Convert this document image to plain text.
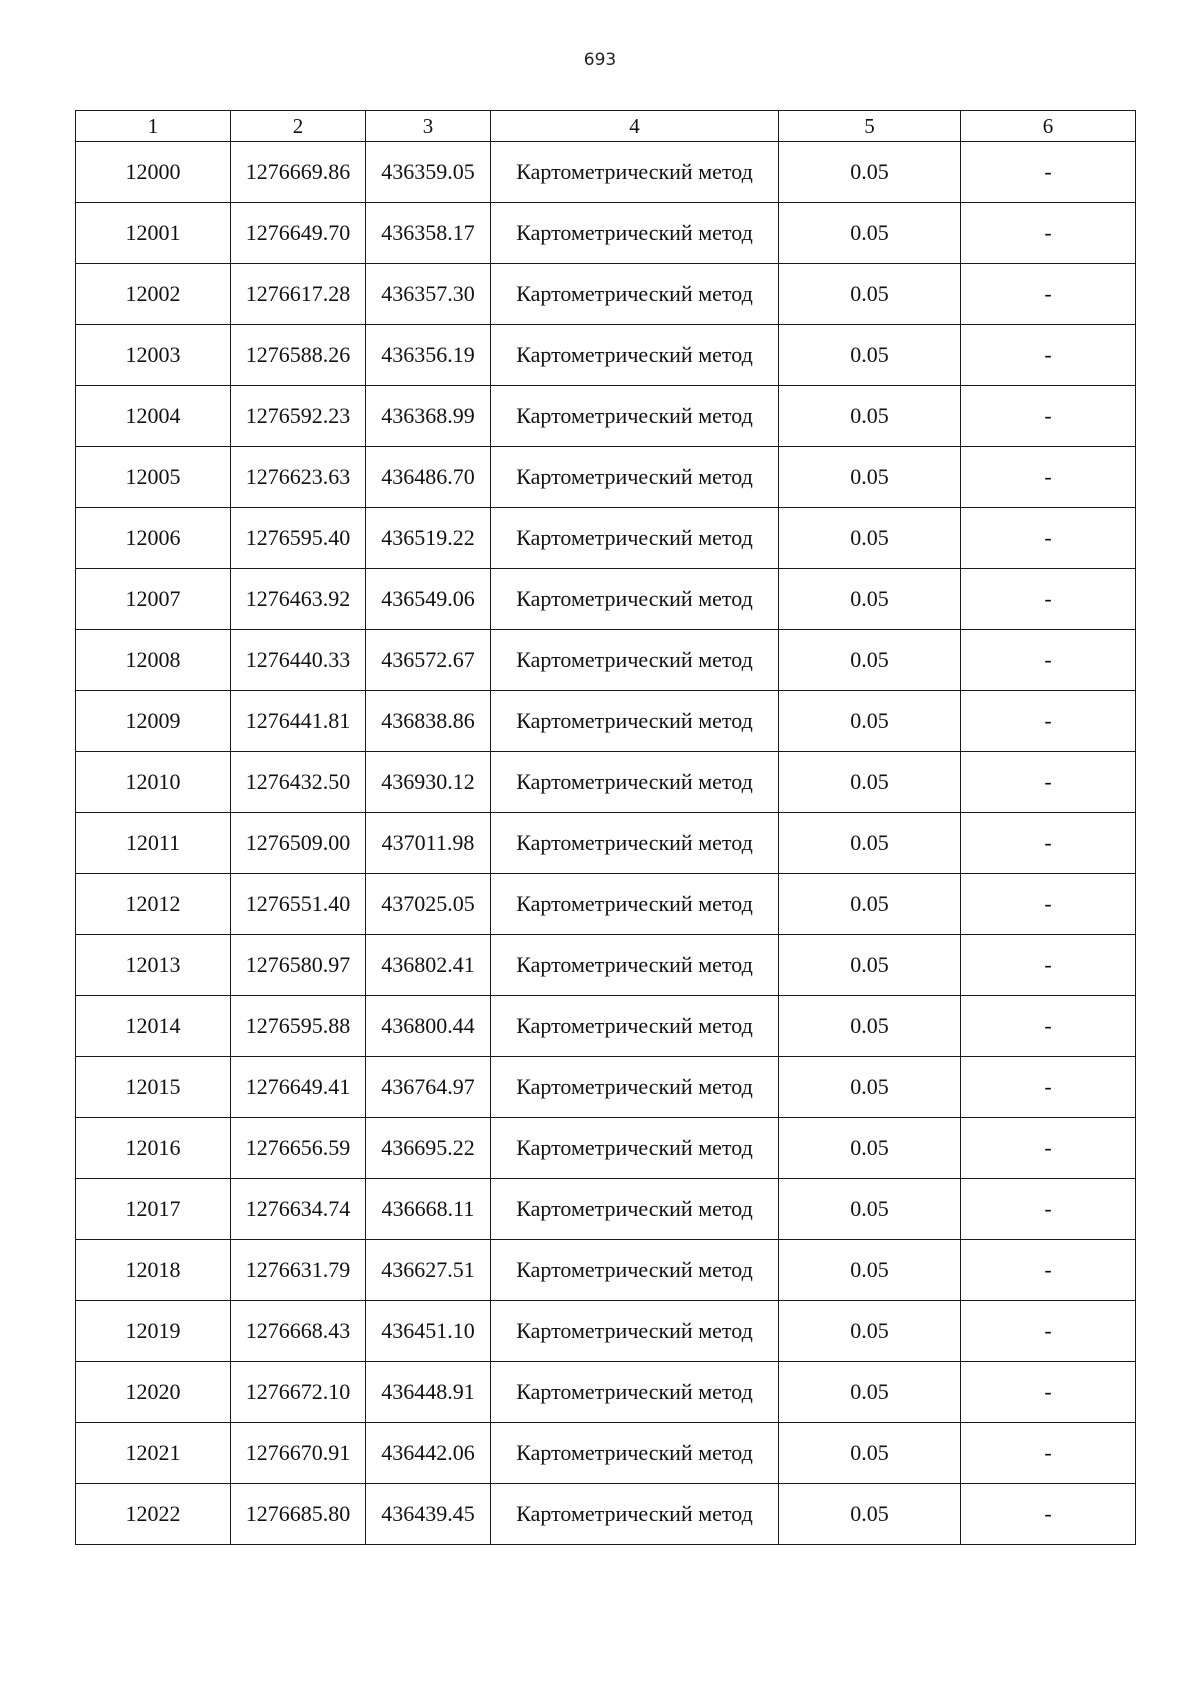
693
1	2	3	4	5	6
12000	1276669.86	436359.05	Картометрический метод	0.05	-
12001	1276649.70	436358.17	Картометрический метод	0.05	-
12002	1276617.28	436357.30	Картометрический метод	0.05	-
12003	1276588.26	436356.19	Картометрический метод	0.05	-
12004	1276592.23	436368.99	Картометрический метод	0.05	-
12005	1276623.63	436486.70	Картометрический метод	0.05	-
12006	1276595.40	436519.22	Картометрический метод	0.05	-
12007	1276463.92	436549.06	Картометрический метод	0.05	-
12008	1276440.33	436572.67	Картометрический метод	0.05	-
12009	1276441.81	436838.86	Картометрический метод	0.05	-
12010	1276432.50	436930.12	Картометрический метод	0.05	-
12011	1276509.00	437011.98	Картометрический метод	0.05	-
12012	1276551.40	437025.05	Картометрический метод	0.05	-
12013	1276580.97	436802.41	Картометрический метод	0.05	-
12014	1276595.88	436800.44	Картометрический метод	0.05	-
12015	1276649.41	436764.97	Картометрический метод	0.05	-
12016	1276656.59	436695.22	Картометрический метод	0.05	-
12017	1276634.74	436668.11	Картометрический метод	0.05	-
12018	1276631.79	436627.51	Картометрический метод	0.05	-
12019	1276668.43	436451.10	Картометрический метод	0.05	-
12020	1276672.10	436448.91	Картометрический метод	0.05	-
12021	1276670.91	436442.06	Картометрический метод	0.05	-
12022	1276685.80	436439.45	Картометрический метод	0.05	-
